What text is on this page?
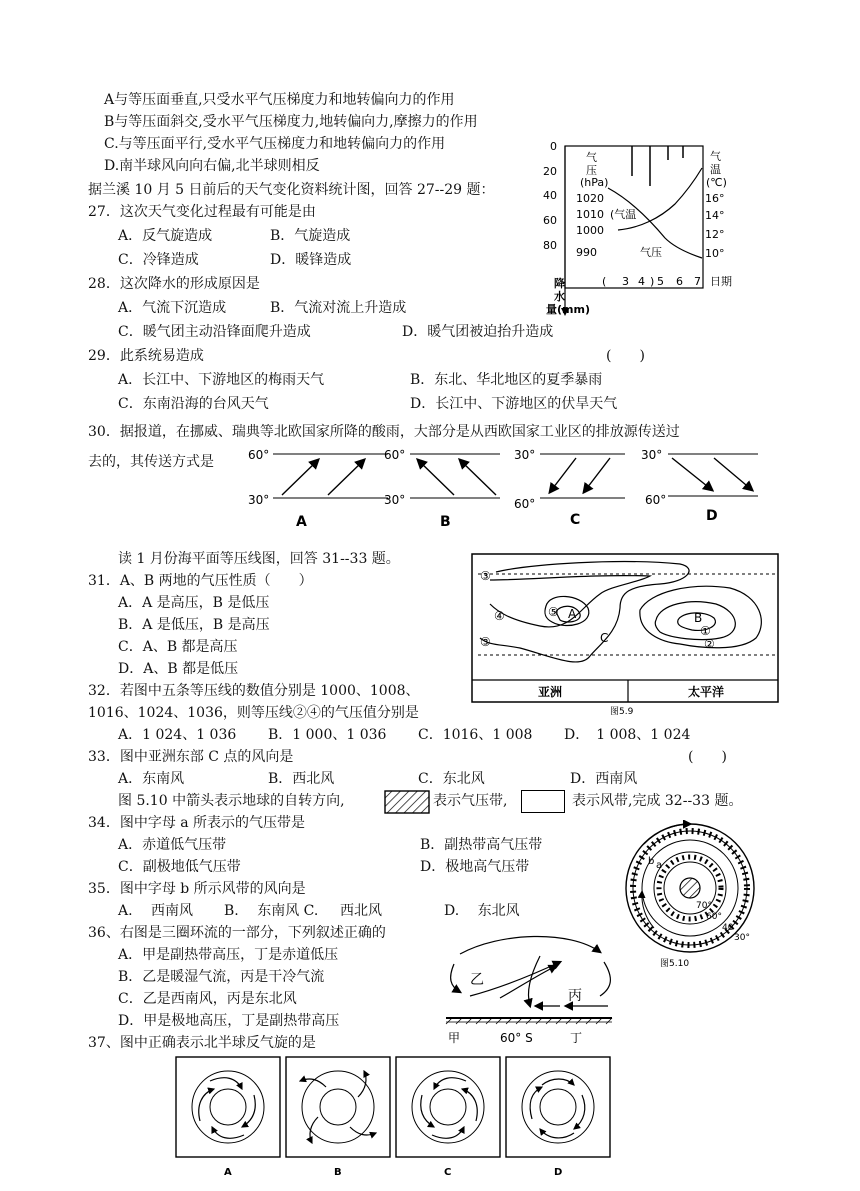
A与等压面垂直,只受水平气压梯度力和地转偏向力的作用
B与等压面斜交,受水平气压梯度力,地转偏向力,摩擦力的作用
C.与等压面平行,受水平气压梯度力和地转偏向力的作用
D.南半球风向向右偏,北半球则相反
据兰溪 10 月 5 日前后的天气变化资料统计图，回答 27--29 题：
27．这次天气变化过程最有可能是由
A．反气旋造成	B．气旋造成
C．冷锋造成	D．暖锋造成
28．这次降水的形成原因是
A．气流下沉造成	B．气流对流上升造成
C．暖气团主动沿锋面爬升造成	D．暖气团被迫抬升造成
29．此系统易造成	(　　)
A．长江中、下游地区的梅雨天气	B．东北、华北地区的夏季暴雨
C．东南沿海的台风天气	D．长江中、下游地区的伏旱天气
0
20
40
60
80
气
压
(hPa)
1020
1010
1000
990
气
温
(℃)
16°
14°
12°
10°
(气温
气压
( 3 4 ) 5 6 7 日期
降
水
量(mm)
30．据报道，在挪威、瑞典等北欧国家所降的酸雨，大部分是从西欧国家工业区的排放源传送过
去的，其传送方式是	60°
30°
A
60°
30°
B
30°
60°
C
30°
60°
D
读 1 月份海平面等压线图，回答 31--33 题。
31．A、B 两地的气压性质（　　）
A．A 是高压，B 是低压
B．A 是低压，B 是高压
C．A、B 都是高压
D．A、B 都是低压
32．若图中五条等压线的数值分别是 1000、1008、
1016、1024、1036，则等压线②④的气压值分别是
A．1 024、1 036 B．1 000、1 036 C．1016、1 008 D．　1 008、1 024
③
④	⑤ A
③	C
B
①
②
亚洲	太平洋
图5.9
33．图中亚洲东部 C 点的风向是	(　　)
A．东南风	B．西北风	C．东北风	D．西南风
图 5.10 中箭头表示地球的自转方向,	表示气压带,	表示风带,完成 32--33 题。
34．图中字母 a 所表示的气压带是
A．赤道低气压带	B．副热带高气压带
C．副极地低气压带	D．极地高气压带
35．图中字母 b 所示风带的风向是
A.　 西南风 B.　 东南风 C. 西北风	D.　 东北风
a
b
70°
60°
40
30°
图5.10
36、右图是三圈环流的一部分，下列叙述正确的
A．甲是副热带高压，丁是赤道低压
B．乙是暖湿气流，丙是干冷气流
C．乙是西南风，丙是东北风
D．甲是极地高压，丁是副热带高压
乙
丙
甲	60° S	丁
37、图中正确表示北半球反气旋的是
A	B	C	D
